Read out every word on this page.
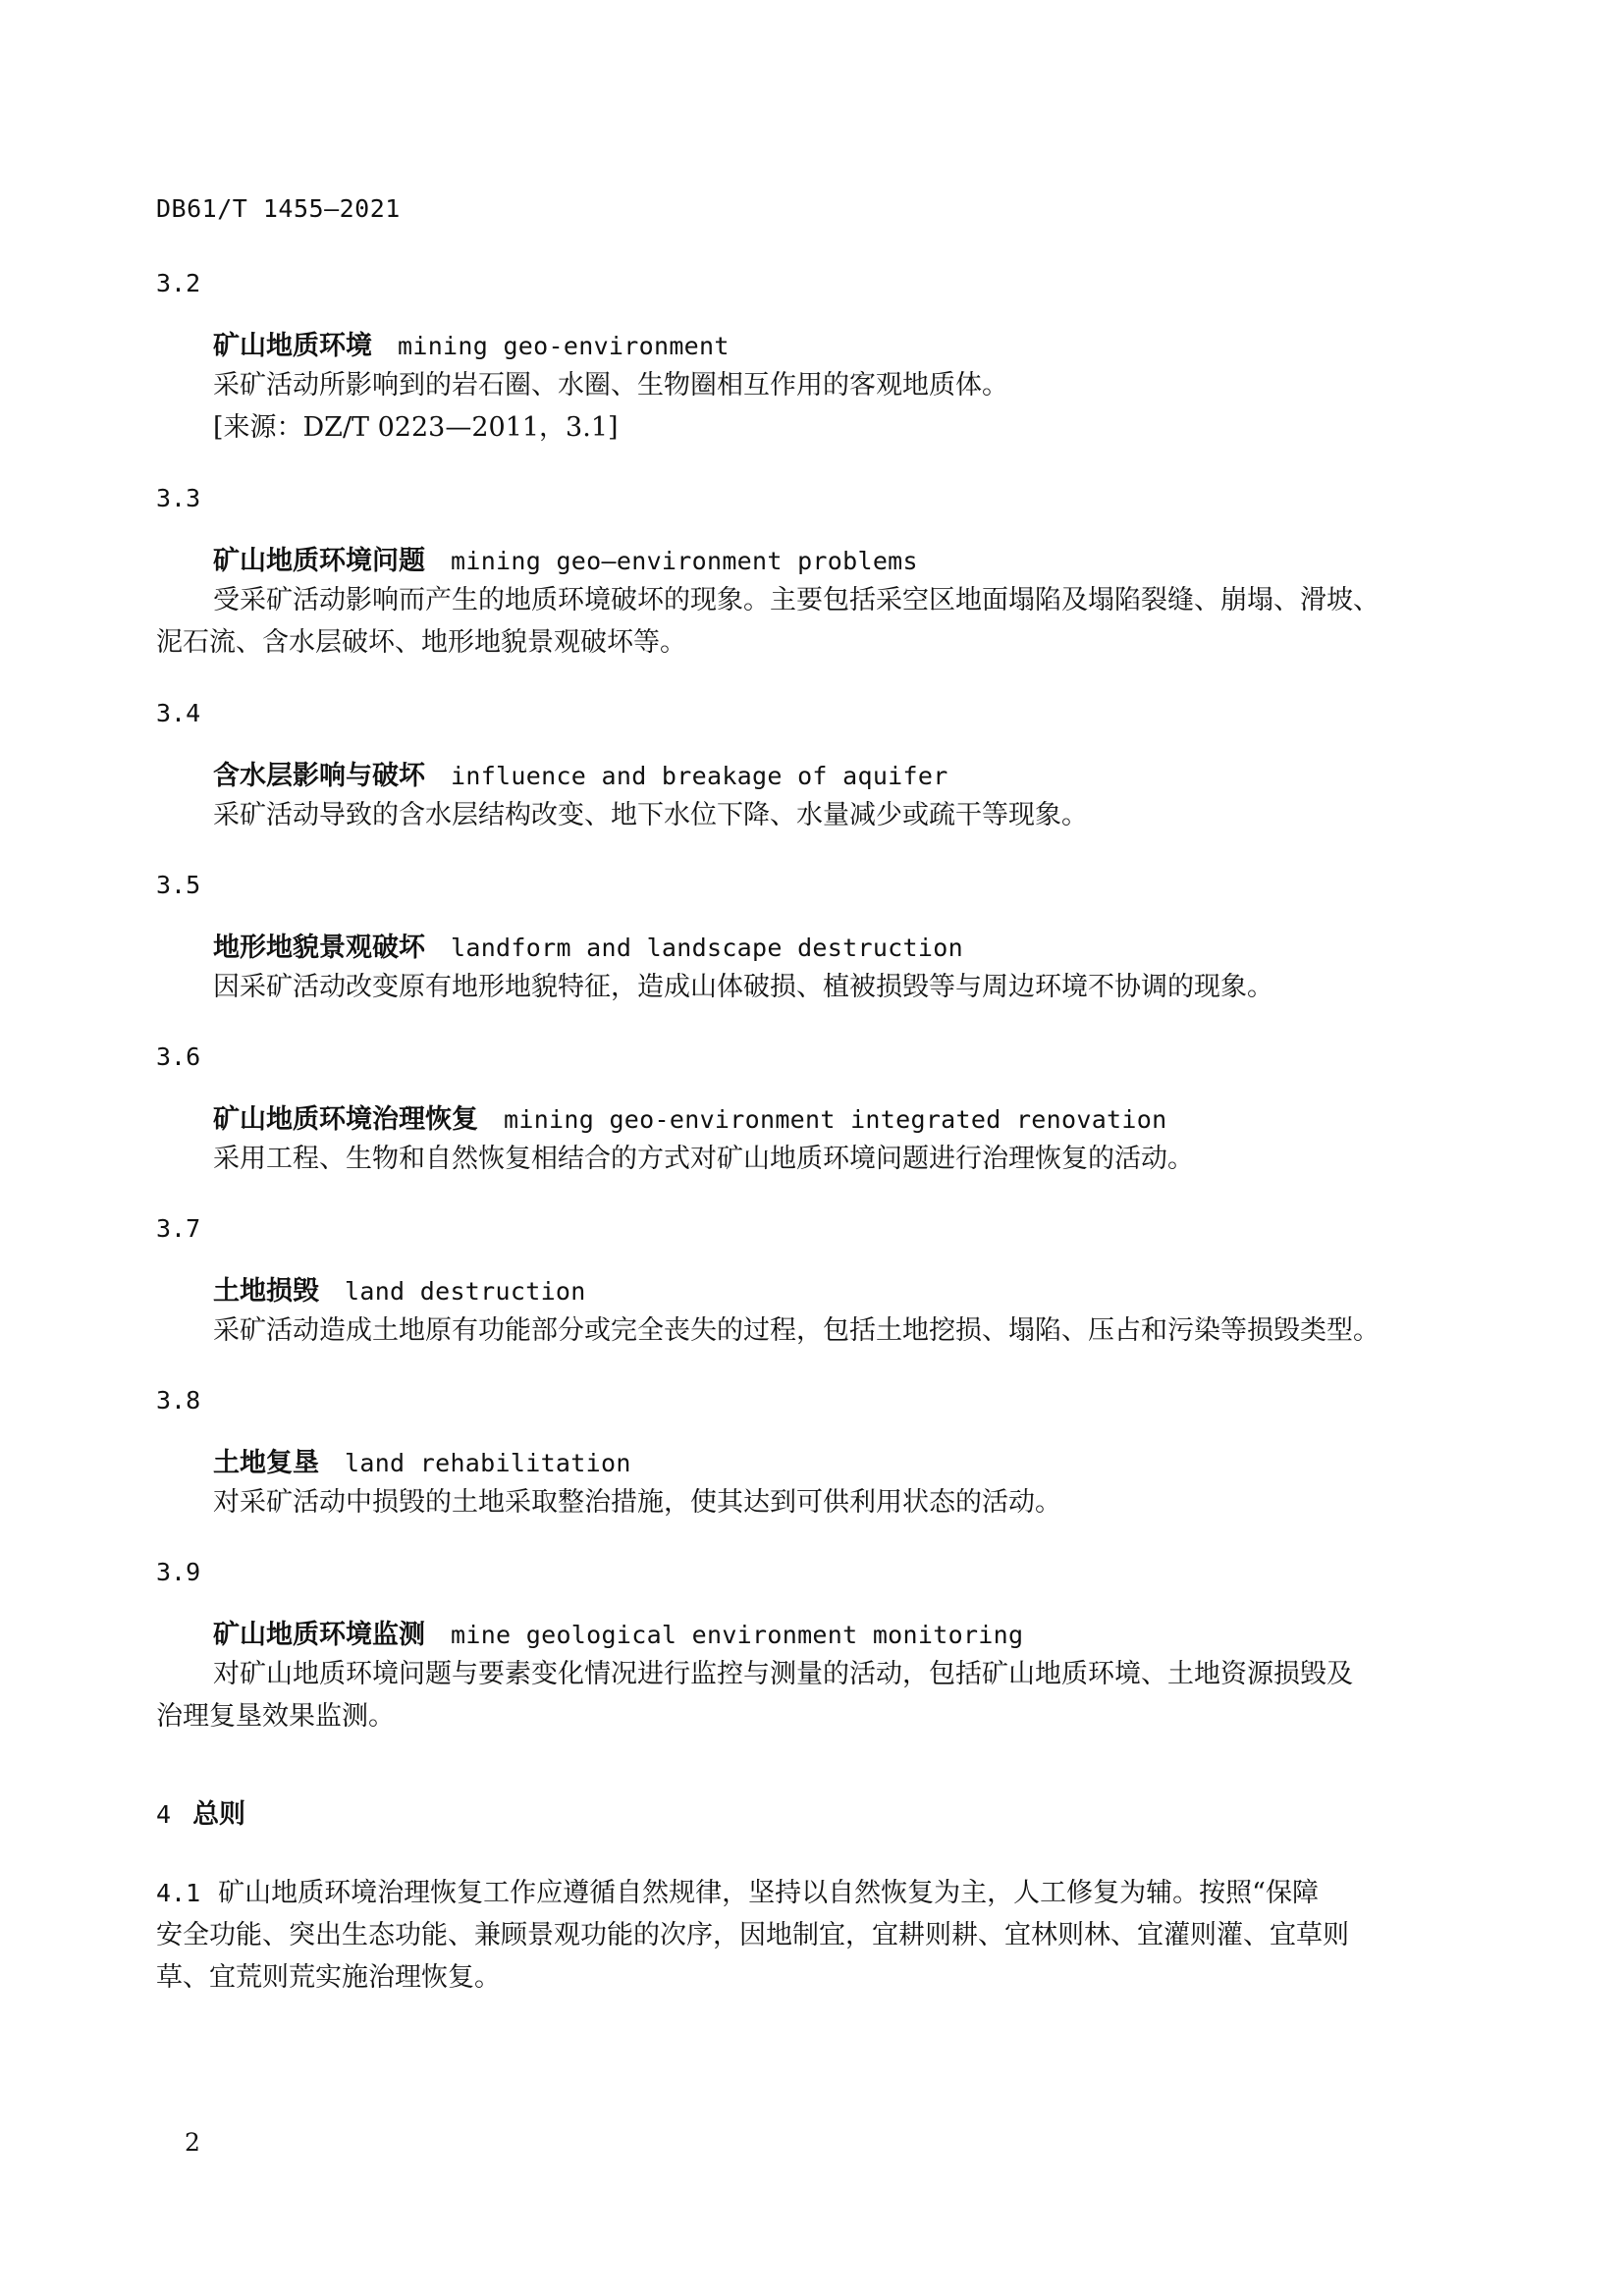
DB61/T 1455—2021
3.2
矿山地质环境 mining geo-environment
采矿活动所影响到的岩石圈、水圈、生物圈相互作用的客观地质体。
[来源：DZ/T 0223—2011，3.1]
3.3
矿山地质环境问题 mining geo—environment problems
受采矿活动影响而产生的地质环境破坏的现象。主要包括采空区地面塌陷及塌陷裂缝、崩塌、滑坡、
泥石流、含水层破坏、地形地貌景观破坏等。
3.4
含水层影响与破坏 influence and breakage of aquifer
采矿活动导致的含水层结构改变、地下水位下降、水量减少或疏干等现象。
3.5
地形地貌景观破坏 landform and landscape destruction
因采矿活动改变原有地形地貌特征，造成山体破损、植被损毁等与周边环境不协调的现象。
3.6
矿山地质环境治理恢复 mining geo-environment integrated renovation
采用工程、生物和自然恢复相结合的方式对矿山地质环境问题进行治理恢复的活动。
3.7
土地损毁 land destruction
采矿活动造成土地原有功能部分或完全丧失的过程，包括土地挖损、塌陷、压占和污染等损毁类型。
3.8
土地复垦 land rehabilitation
对采矿活动中损毁的土地采取整治措施，使其达到可供利用状态的活动。
3.9
矿山地质环境监测 mine geological environment monitoring
对矿山地质环境问题与要素变化情况进行监控与测量的活动，包括矿山地质环境、土地资源损毁及
治理复垦效果监测。
4 总则
4.1 矿山地质环境治理恢复工作应遵循自然规律，坚持以自然恢复为主，人工修复为辅。按照“保障
安全功能、突出生态功能、兼顾景观功能的次序，因地制宜，宜耕则耕、宜林则林、宜灌则灌、宜草则
草、宜荒则荒实施治理恢复。
2
